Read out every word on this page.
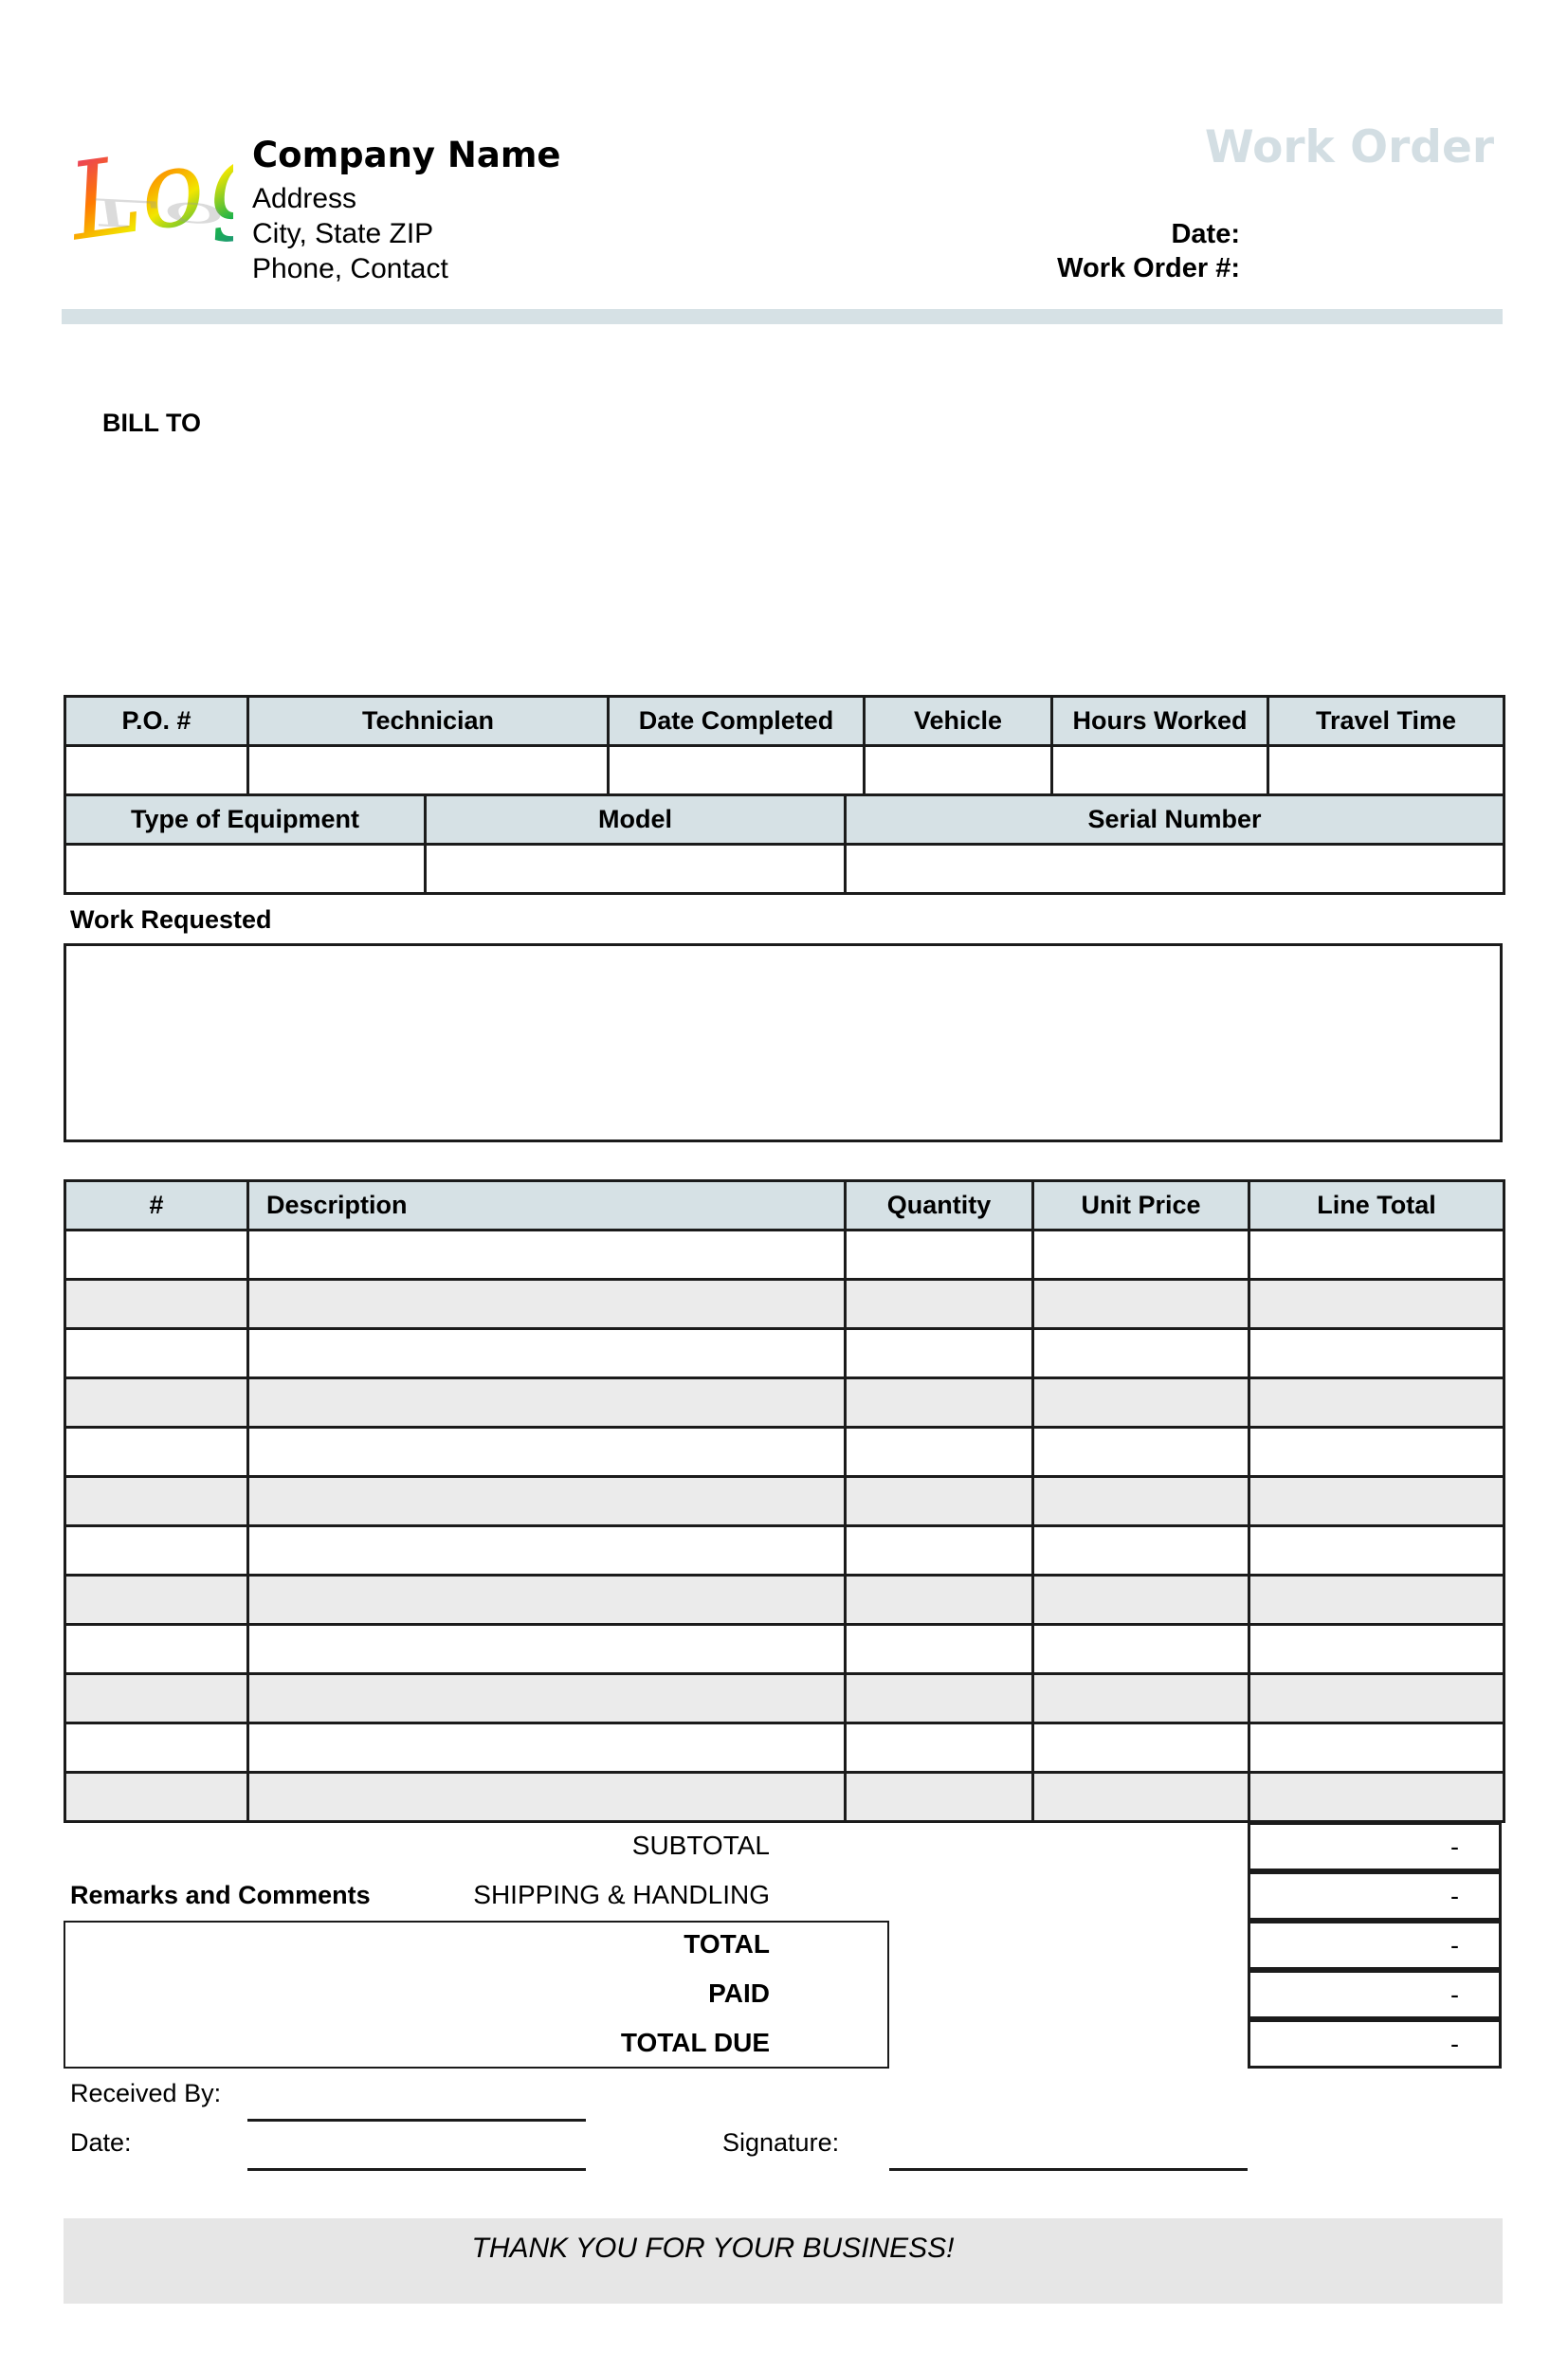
Logo
Logo
Company Name
Address
City, State ZIP
Phone, Contact
Work Order
Date:
Work Order #:
BILL TO
P.O. #	Technician	Date Completed	Vehicle	Hours Worked	Travel Time

Type of Equipment	Model	Serial Number

Work Requested
#	Description	Quantity	Unit Price	Line Total

SUBTOTAL	-
SHIPPING & HANDLING	-
TOTAL	-
PAID	-
TOTAL DUE	-
Remarks and Comments
Received By:
Date:	Signature:
THANK YOU FOR YOUR BUSINESS!
